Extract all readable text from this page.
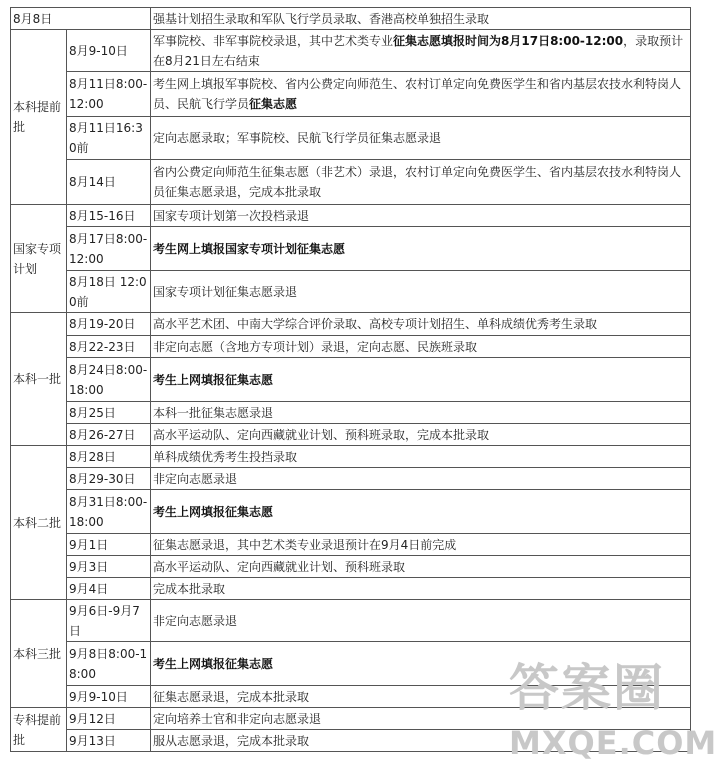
8月8日		强基计划招生录取和军队飞行学员录取、香港高校单独招生录取
本科提前批	8月9-10日	军事院校、非军事院校录退，其中艺术类专业征集志愿填报时间为8月17日8:00-12:00，录取预计在8月21日左右结束
	8月11日8:00-12:00	考生网上填报军事院校、省内公费定向师范生、农村订单定向免费医学生和省内基层农技水利特岗人员、民航飞行学员征集志愿
	8月11日16:30前	定向志愿录取；军事院校、民航飞行学员征集志愿录退
	8月14日	省内公费定向师范生征集志愿（非艺术）录退，农村订单定向免费医学生、省内基层农技水利特岗人员征集志愿录退，完成本批录取
国家专项计划	8月15-16日	国家专项计划第一次投档录退
	8月17日8:00-12:00	考生网上填报国家专项计划征集志愿
	8月18日 12:00前	国家专项计划征集志愿录退
本科一批	8月19-20日	高水平艺术团、中南大学综合评价录取、高校专项计划招生、单科成绩优秀考生录取
	8月22-23日	非定向志愿（含地方专项计划）录退，定向志愿、民族班录取
	8月24日8:00-18:00	考生上网填报征集志愿
	8月25日	本科一批征集志愿录退
	8月26-27日	高水平运动队、定向西藏就业计划、预科班录取，完成本批录取
本科二批	8月28日	单科成绩优秀考生投挡录取
	8月29-30日	非定向志愿录退
	8月31日8:00-18:00	考生上网填报征集志愿
	9月1日	征集志愿录退，其中艺术类专业录退预计在9月4日前完成
	9月3日	高水平运动队、定向西藏就业计划、预科班录取
	9月4日	完成本批录取
本科三批	9月6日-9月7日	非定向志愿录退
	9月8日8:00-18:00	考生上网填报征集志愿
	9月9-10日	征集志愿录退，完成本批录取
专科提前批	9月12日	定向培养士官和非定向志愿录退
	9月13日	服从志愿录退，完成本批录取
答案圈
MXQE.COM
